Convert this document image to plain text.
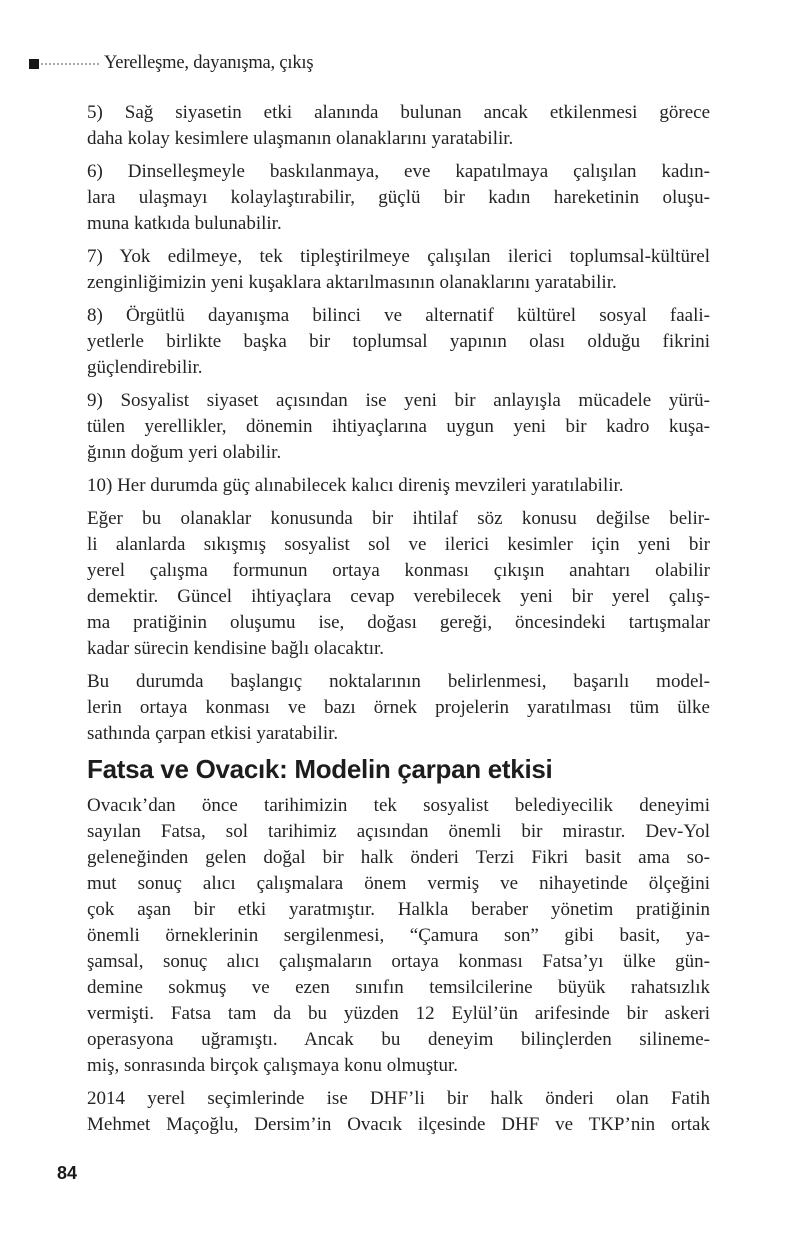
Yerelleşme, dayanışma, çıkış
5) Sağ siyasetin etki alanında bulunan ancak etkilenmesi görece
daha kolay kesimlere ulaşmanın olanaklarını yaratabilir.
6) Dinselleşmeyle baskılanmaya, eve kapatılmaya çalışılan kadın-
lara ulaşmayı kolaylaştırabilir, güçlü bir kadın hareketinin oluşu-
muna katkıda bulunabilir.
7) Yok edilmeye, tek tipleştirilmeye çalışılan ilerici toplumsal-kültürel
zenginliğimizin yeni kuşaklara aktarılmasının olanaklarını yaratabilir.
8) Örgütlü dayanışma bilinci ve alternatif kültürel sosyal faali-
yetlerle birlikte başka bir toplumsal yapının olası olduğu fikrini
güçlendirebilir.
9) Sosyalist siyaset açısından ise yeni bir anlayışla mücadele yürü-
tülen yerellikler, dönemin ihtiyaçlarına uygun yeni bir kadro kuşa-
ğının doğum yeri olabilir.
10) Her durumda güç alınabilecek kalıcı direniş mevzileri yaratılabilir.
Eğer bu olanaklar konusunda bir ihtilaf söz konusu değilse belir-
li alanlarda sıkışmış sosyalist sol ve ilerici kesimler için yeni bir
yerel çalışma formunun ortaya konması çıkışın anahtarı olabilir
demektir. Güncel ihtiyaçlara cevap verebilecek yeni bir yerel çalış-
ma pratiğinin oluşumu ise, doğası gereği, öncesindeki tartışmalar
kadar sürecin kendisine bağlı olacaktır.
Bu durumda başlangıç noktalarının belirlenmesi, başarılı model-
lerin ortaya konması ve bazı örnek projelerin yaratılması tüm ülke
sathında çarpan etkisi yaratabilir.
Fatsa ve Ovacık: Modelin çarpan etkisi
Ovacık’dan önce tarihimizin tek sosyalist belediyecilik deneyimi
sayılan Fatsa, sol tarihimiz açısından önemli bir mirastır. Dev-Yol
geleneğinden gelen doğal bir halk önderi Terzi Fikri basit ama so-
mut sonuç alıcı çalışmalara önem vermiş ve nihayetinde ölçeğini
çok aşan bir etki yaratmıştır. Halkla beraber yönetim pratiğinin
önemli örneklerinin sergilenmesi, “Çamura son” gibi basit, ya-
şamsal, sonuç alıcı çalışmaların ortaya konması Fatsa’yı ülke gün-
demine sokmuş ve ezen sınıfın temsilcilerine büyük rahatsızlık
vermişti. Fatsa tam da bu yüzden 12 Eylül’ün arifesinde bir askeri
operasyona uğramıştı. Ancak bu deneyim bilinçlerden silineme-
miş, sonrasında birçok çalışmaya konu olmuştur.
2014 yerel seçimlerinde ise DHF’li bir halk önderi olan Fatih
Mehmet Maçoğlu, Dersim’in Ovacık ilçesinde DHF ve TKP’nin ortak
84
